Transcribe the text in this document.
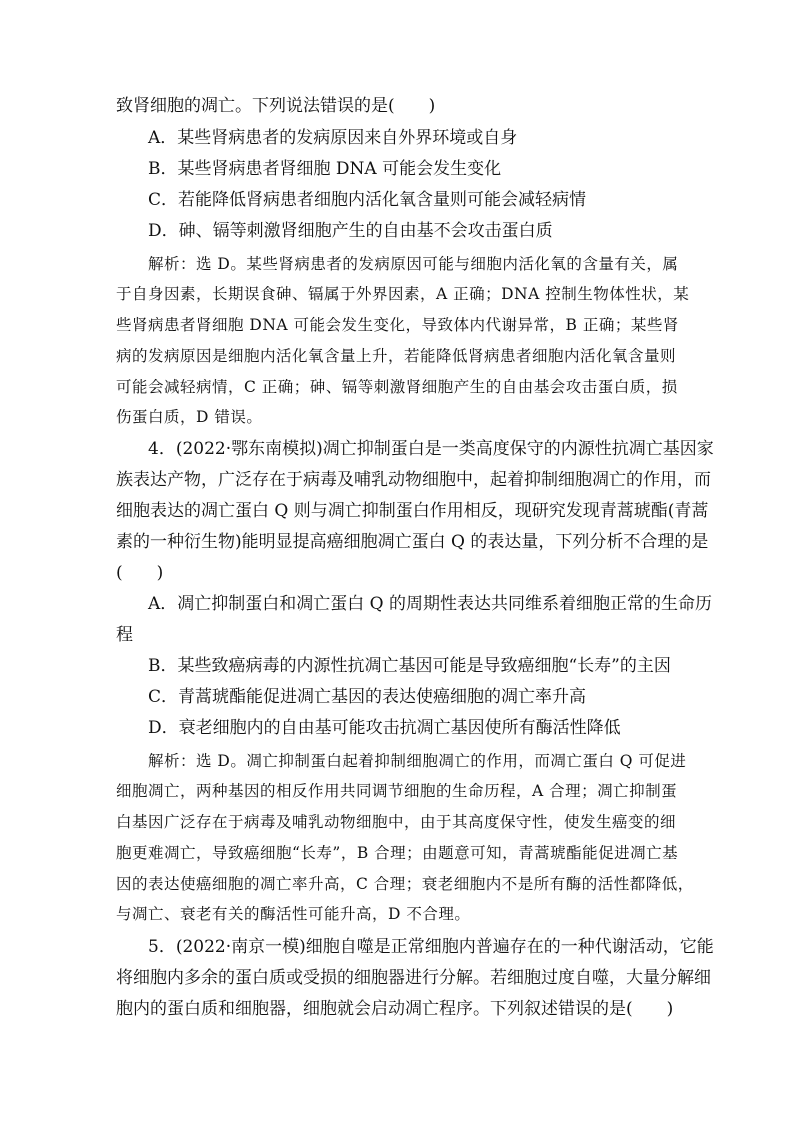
致肾细胞的凋亡。下列说法错误的是(　　)
A．某些肾病患者的发病原因来自外界环境或自身
B．某些肾病患者肾细胞 DNA 可能会发生变化
C．若能降低肾病患者细胞内活化氧含量则可能会减轻病情
D．砷、镉等刺激肾细胞产生的自由基不会攻击蛋白质
解析：选 D。某些肾病患者的发病原因可能与细胞内活化氧的含量有关，属
于自身因素，长期误食砷、镉属于外界因素，A 正确；DNA 控制生物体性状，某
些肾病患者肾细胞 DNA 可能会发生变化，导致体内代谢异常，B 正确；某些肾
病的发病原因是细胞内活化氧含量上升，若能降低肾病患者细胞内活化氧含量则
可能会减轻病情，C 正确；砷、镉等刺激肾细胞产生的自由基会攻击蛋白质，损
伤蛋白质，D 错误。
4．(2022·鄂东南模拟)凋亡抑制蛋白是一类高度保守的内源性抗凋亡基因家
族表达产物，广泛存在于病毒及哺乳动物细胞中，起着抑制细胞凋亡的作用，而
细胞表达的凋亡蛋白 Q 则与凋亡抑制蛋白作用相反，现研究发现青蒿琥酯(青蒿
素的一种衍生物)能明显提高癌细胞凋亡蛋白 Q 的表达量，下列分析不合理的是
(　　)
A．凋亡抑制蛋白和凋亡蛋白 Q 的周期性表达共同维系着细胞正常的生命历
程
B．某些致癌病毒的内源性抗凋亡基因可能是导致癌细胞“长寿”的主因
C．青蒿琥酯能促进凋亡基因的表达使癌细胞的凋亡率升高
D．衰老细胞内的自由基可能攻击抗凋亡基因使所有酶活性降低
解析：选 D。凋亡抑制蛋白起着抑制细胞凋亡的作用，而凋亡蛋白 Q 可促进
细胞凋亡，两种基因的相反作用共同调节细胞的生命历程，A 合理；凋亡抑制蛋
白基因广泛存在于病毒及哺乳动物细胞中，由于其高度保守性，使发生癌变的细
胞更难凋亡，导致癌细胞“长寿”，B 合理；由题意可知，青蒿琥酯能促进凋亡基
因的表达使癌细胞的凋亡率升高，C 合理；衰老细胞内不是所有酶的活性都降低，
与凋亡、衰老有关的酶活性可能升高，D 不合理。
5．(2022·南京一模)细胞自噬是正常细胞内普遍存在的一种代谢活动，它能
将细胞内多余的蛋白质或受损的细胞器进行分解。若细胞过度自噬，大量分解细
胞内的蛋白质和细胞器，细胞就会启动凋亡程序。下列叙述错误的是(　　)
